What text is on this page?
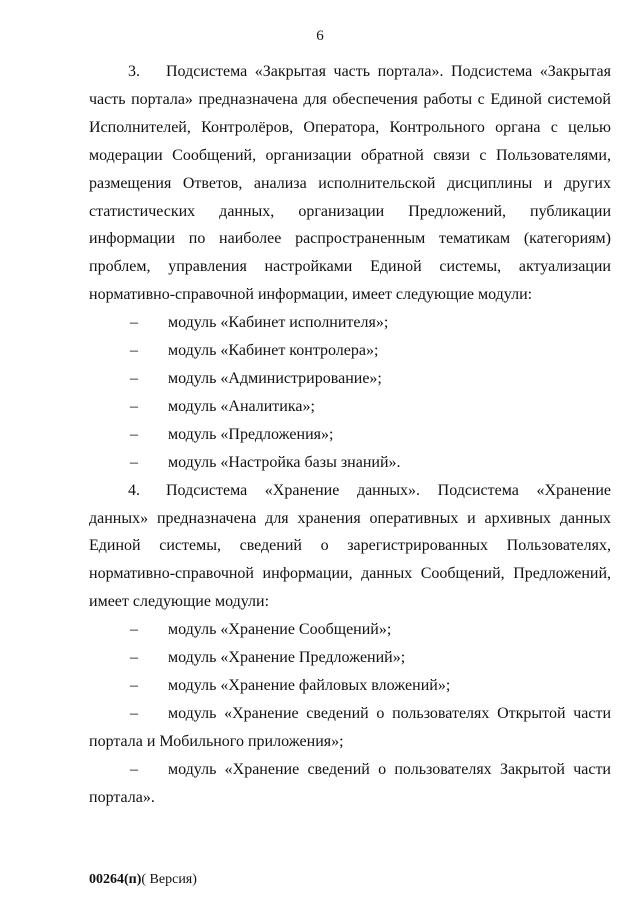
6

3. Подсистема «Закрытая часть портала». Подсистема «Закрытая часть портала» предназначена для обеспечения работы с Единой системой Исполнителей, Контролёров, Оператора, Контрольного органа с целью модерации Сообщений, организации обратной связи с Пользователями, размещения Ответов, анализа исполнительской дисциплины и других статистических данных, организации Предложений, публикации информации по наиболее распространенным тематикам (категориям) проблем, управления настройками Единой системы, актуализации нормативно-справочной информации, имеет следующие модули:

–	модуль «Кабинет исполнителя»;
–	модуль «Кабинет контролера»;
–	модуль «Администрирование»;
–	модуль «Аналитика»;
–	модуль «Предложения»;
–	модуль «Настройка базы знаний».

4. Подсистема «Хранение данных». Подсистема «Хранение данных» предназначена для хранения оперативных и архивных данных Единой системы, сведений о зарегистрированных Пользователях, нормативно-справочной информации, данных Сообщений, Предложений, имеет следующие модули:

–	модуль «Хранение Сообщений»;
–	модуль «Хранение Предложений»;
–	модуль «Хранение файловых вложений»;

– модуль «Хранение сведений о пользователях Открытой части портала и Мобильного приложения»;

– модуль «Хранение сведений о пользователях Закрытой части портала».

00264(п)( Версия)
